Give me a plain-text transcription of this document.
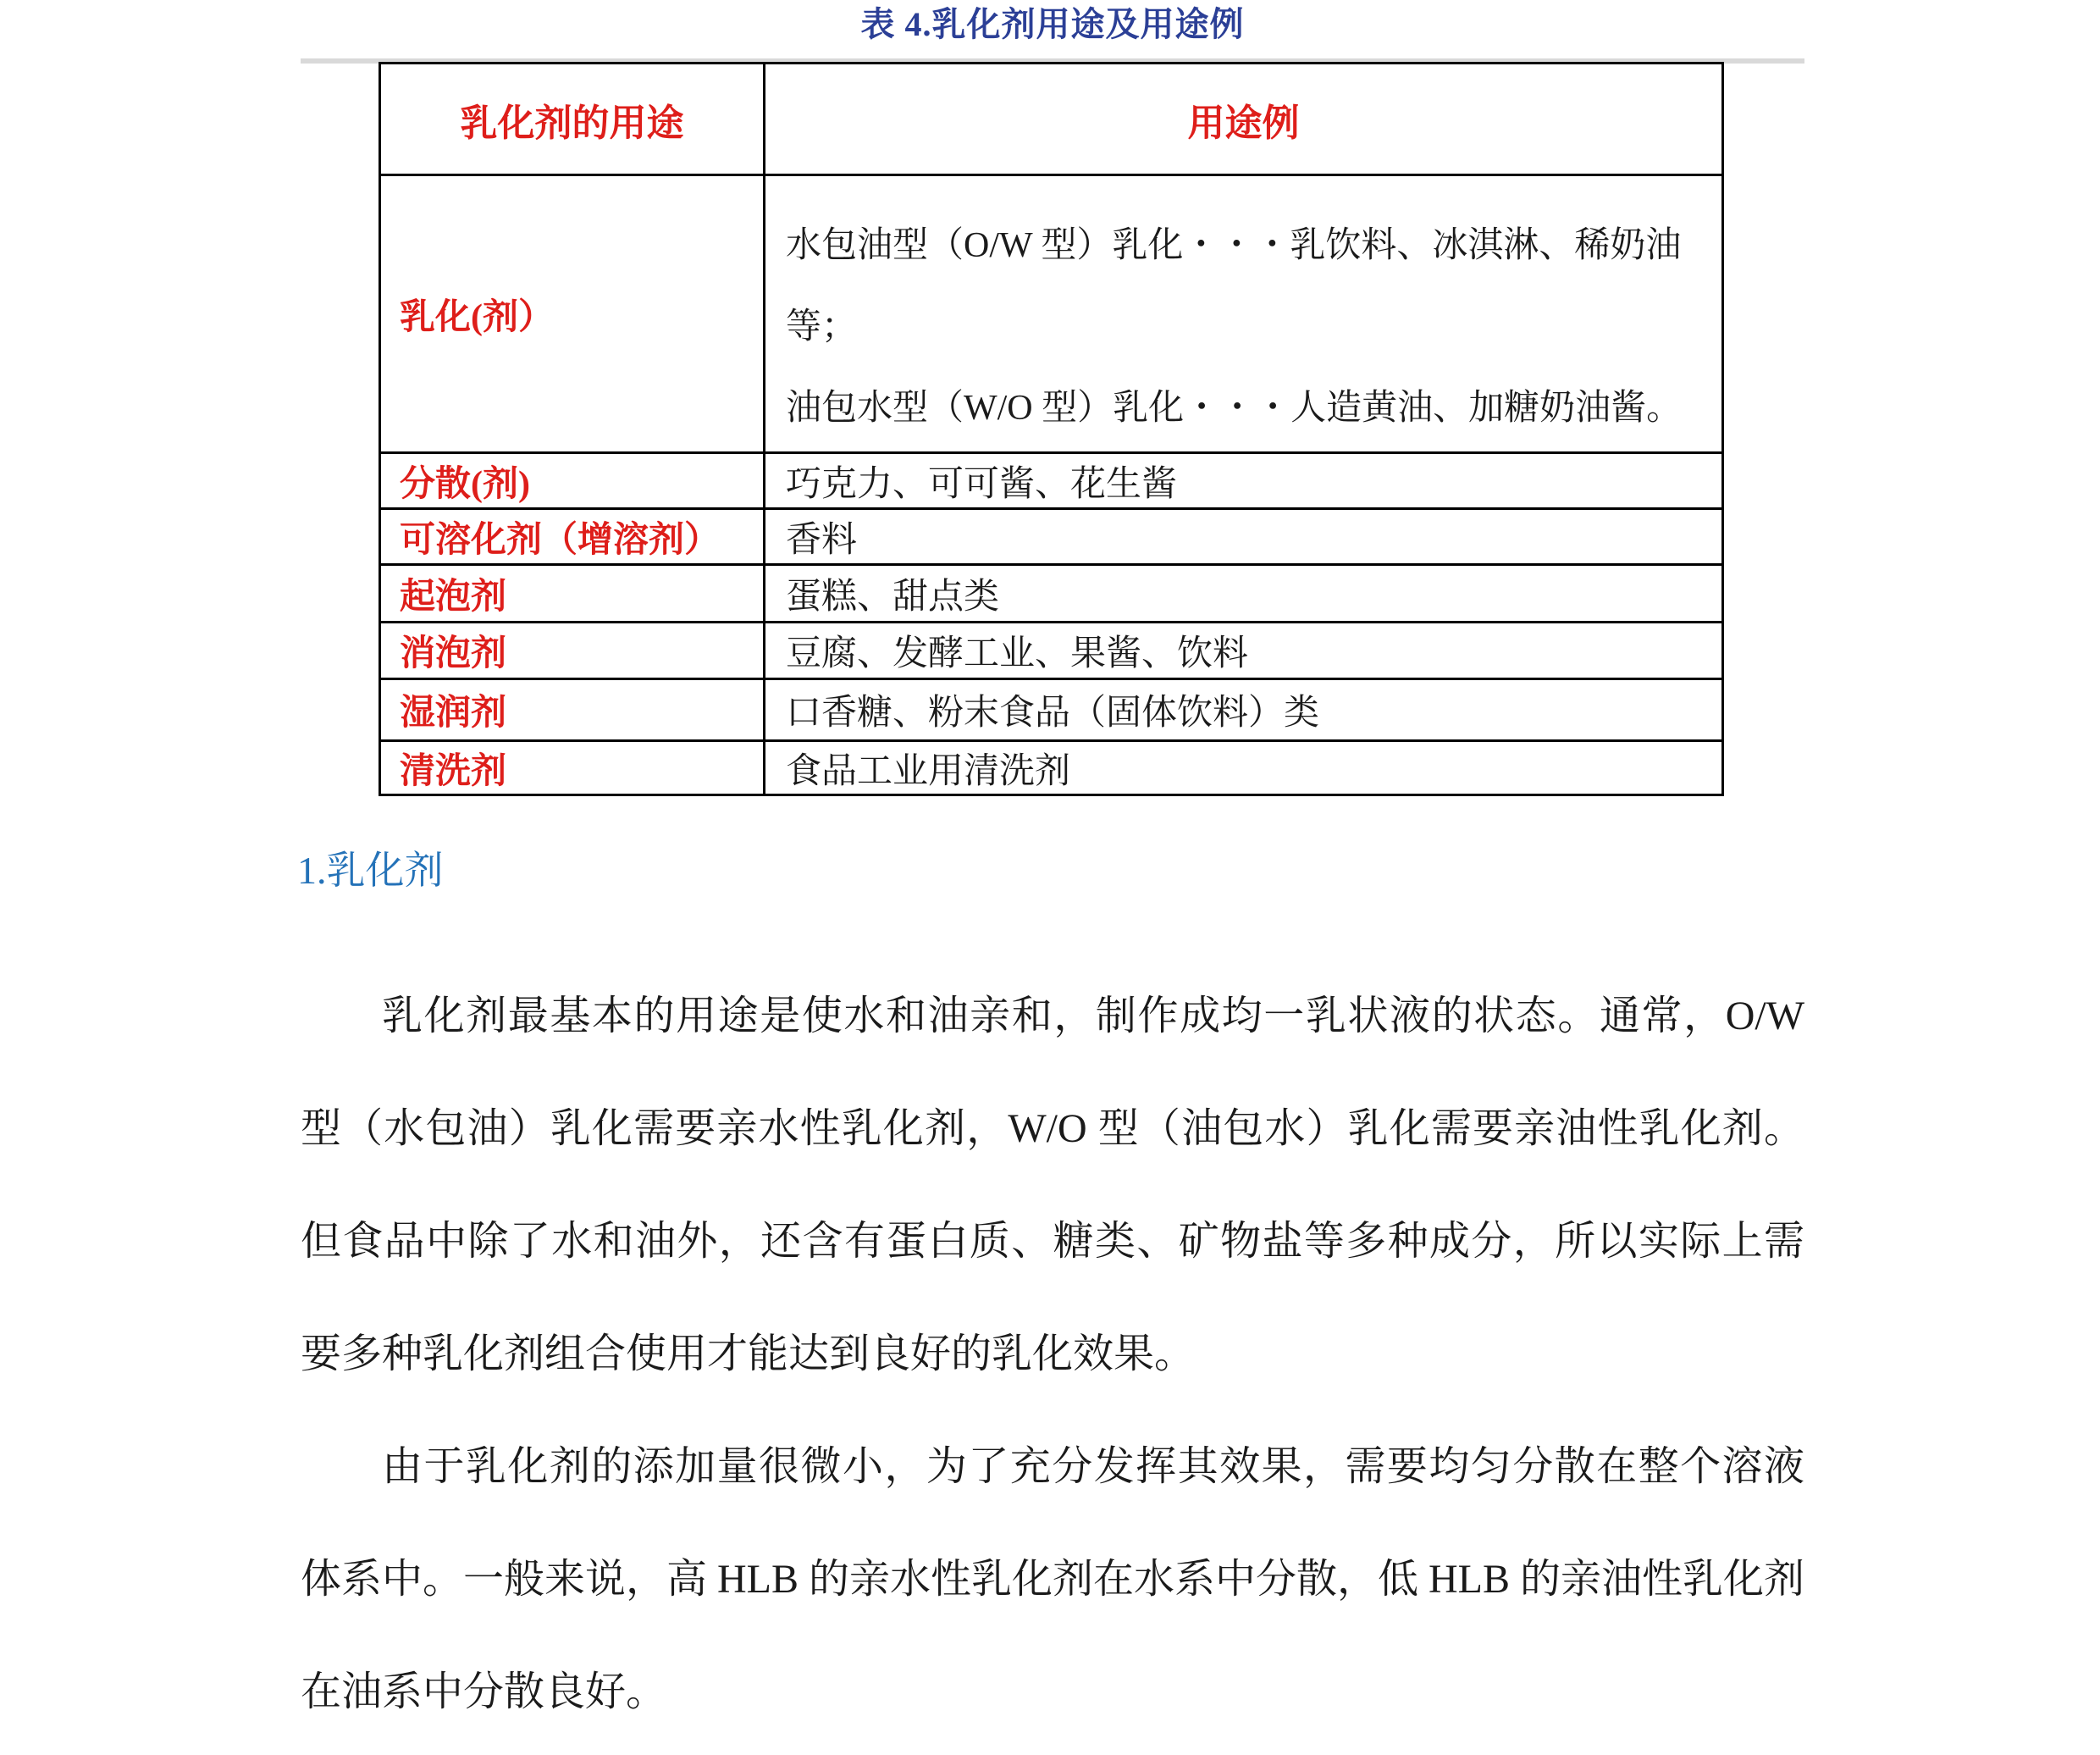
表 4.乳化剂用途及用途例
乳化剂的用途	用途例
乳化(剂）	水包油型（O/W 型）乳化・・・乳饮料、冰淇淋、稀奶油
等；
油包水型（W/O 型）乳化・・・人造黄油、加糖奶油酱。

分散(剂)	巧克力、可可酱、花生酱
可溶化剂（增溶剂）	香料
起泡剂	蛋糕、甜点类
消泡剂	豆腐、发酵工业、果酱、饮料
湿润剂	口香糖、粉末食品（固体饮料）类
清洗剂	食品工业用清洗剂
1.乳化剂
乳化剂最基本的用途是使水和油亲和，制作成均一乳状液的状态。通常，O/W
型（水包油）乳化需要亲水性乳化剂，W/O 型（油包水）乳化需要亲油性乳化剂。
但食品中除了水和油外，还含有蛋白质、糖类、矿物盐等多种成分，所以实际上需
要多种乳化剂组合使用才能达到良好的乳化效果。
由于乳化剂的添加量很微小，为了充分发挥其效果，需要均匀分散在整个溶液
体系中。一般来说，高 HLB 的亲水性乳化剂在水系中分散，低 HLB 的亲油性乳化剂
在油系中分散良好。
